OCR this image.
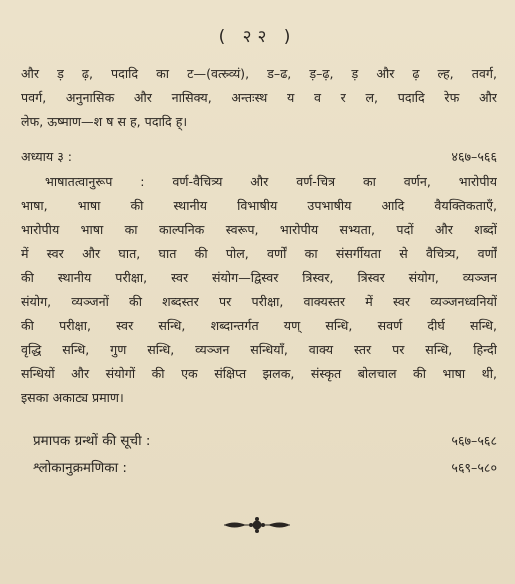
( २२ )
और ड़ ढ़, पदादि का ट—(वत्स्र्व्यं), ड–ढ, ड़–ढ़, ड़ और ढ़ ल्ह, तवर्ग,
पवर्ग, अनुनासिक और नासिक्य, अन्तःस्थ य व र ल, पदादि रेफ और
लेफ, ऊष्माण—श ष स ह, पदादि ह्।
अध्याय ३ :	४६७–५६६
भाषातत्वानुरूप : वर्ण-वैचित्र्य और वर्ण-चित्र का वर्णन, भारोपीय
भाषा, भाषा की स्थानीय विभाषीय उपभाषीय आदि वैयक्तिकताएँ,
भारोपीय भाषा का काल्पनिक स्वरूप, भारोपीय सभ्यता, पदों और शब्दों
में स्वर और घात, घात की पोल, वर्णों का संसर्गीयता से वैचित्र्य, वर्णों
की स्थानीय परीक्षा, स्वर संयोग—द्विस्वर त्रिस्वर, त्रिस्वर संयोग, व्यञ्जन
संयोग, व्यञ्जनों की शब्दस्तर पर परीक्षा, वाक्यस्तर में स्वर व्यञ्जनध्वनियों
की परीक्षा, स्वर सन्धि, शब्दान्तर्गत यण् सन्धि, सवर्ण दीर्घ सन्धि,
वृद्धि सन्धि, गुण सन्धि, व्यञ्जन सन्धियाँ, वाक्य स्तर पर सन्धि, हिन्दी
सन्धियों और संयोगों की एक संक्षिप्त झलक, संस्कृत बोलचाल की भाषा थी,
इसका अकाट्य प्रमाण।
प्रमापक ग्रन्थों की सूची :	५६७–५६८
श्लोकानुक्रमणिका :	५६९–५८०
